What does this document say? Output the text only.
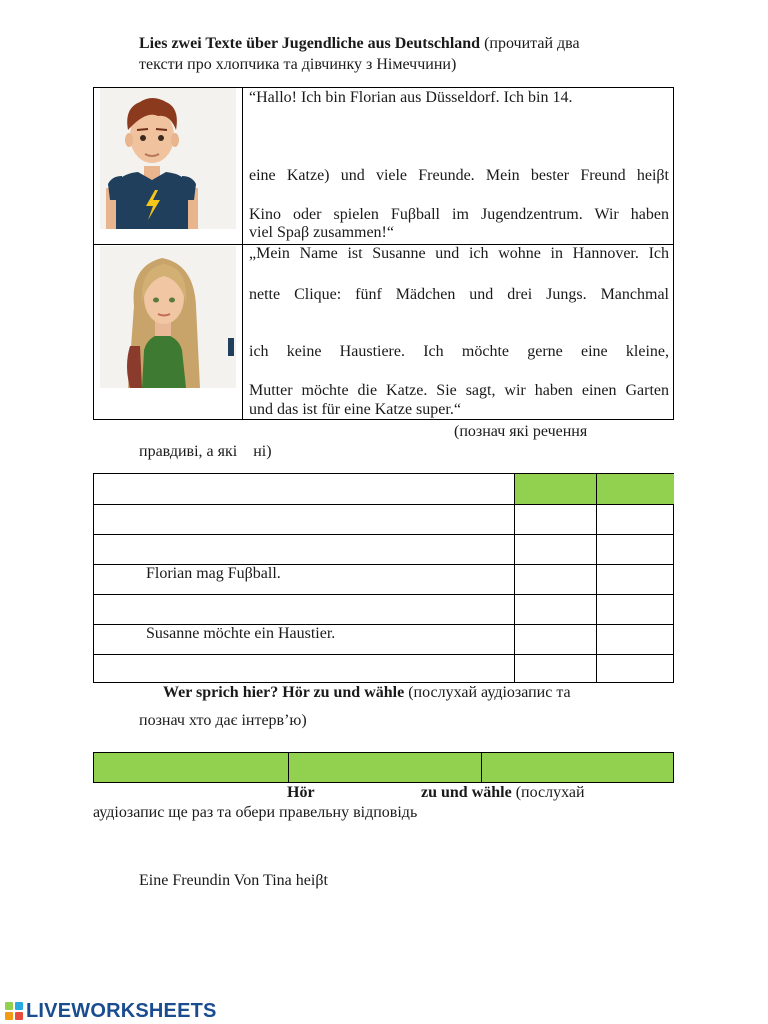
Lies zwei Texte über Jugendliche aus Deutschland (прочитай два
тексти про хлопчика та дівчинку з Німеччини)
“Hallo! Ich bin Florian aus Düsseldorf. Ich bin 14.
eine Katze) und viele Freunde. Mein bester Freund heiβt
Kino oder spielen Fuβball im Jugendzentrum. Wir haben
viel Spaβ zusammen!“
„Mein Name ist Susanne und ich wohne in Hannover. Ich
nette Clique: fünf Mädchen und drei Jungs. Manchmal
ich keine Haustiere. Ich möchte gerne eine kleine,
Mutter möchte die Katze. Sie sagt, wir haben einen Garten
und das ist für eine Katze super.“
(познач які речення
правдиві, а які    ні)
Florian mag Fuβball.
Susanne möchte ein Haustier.
Wer sprich hier? Hör zu und wähle (послухай аудіозапис та
познач хто дає інтерв’ю)
Hör	zu und wähle (послухай
аудіозапис ще раз та обери правельну відповідь
Eine Freundin Von Tina heiβt
LIVEWORKSHEETS
